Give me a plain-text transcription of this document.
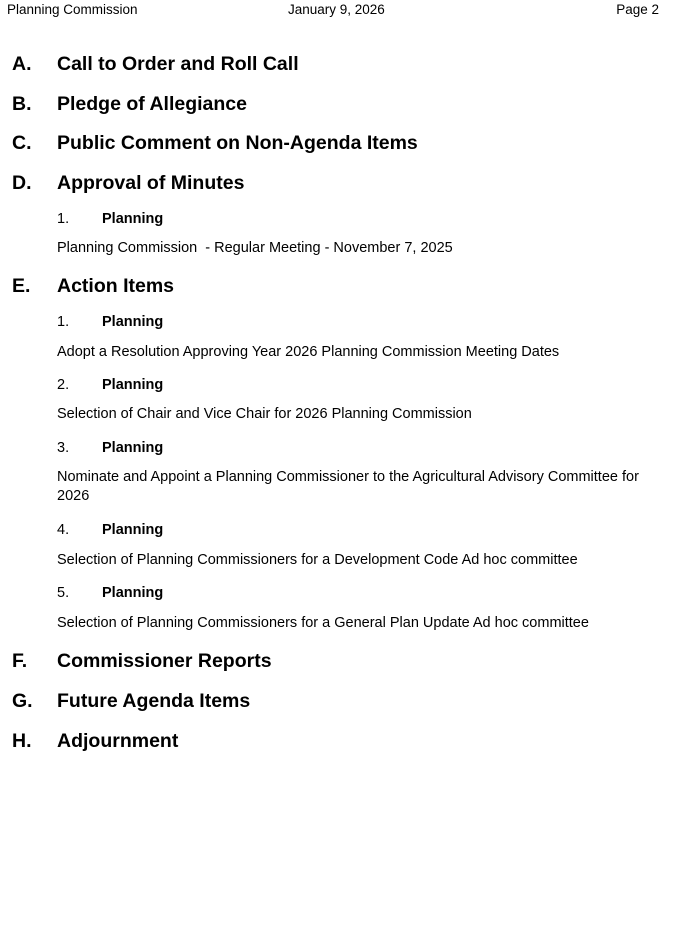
Planning Commission	January 9, 2026	Page 2
A. Call to Order and Roll Call
B. Pledge of Allegiance
C. Public Comment on Non-Agenda Items
D. Approval of Minutes
1. Planning
Planning Commission  - Regular Meeting - November 7, 2025
E. Action Items
1. Planning
Adopt a Resolution Approving Year 2026 Planning Commission Meeting Dates
2. Planning
Selection of Chair and Vice Chair for 2026 Planning Commission
3. Planning
Nominate and Appoint a Planning Commissioner to the Agricultural Advisory Committee for 2026
4. Planning
Selection of Planning Commissioners for a Development Code Ad hoc committee
5. Planning
Selection of Planning Commissioners for a General Plan Update Ad hoc committee
F. Commissioner Reports
G. Future Agenda Items
H. Adjournment
